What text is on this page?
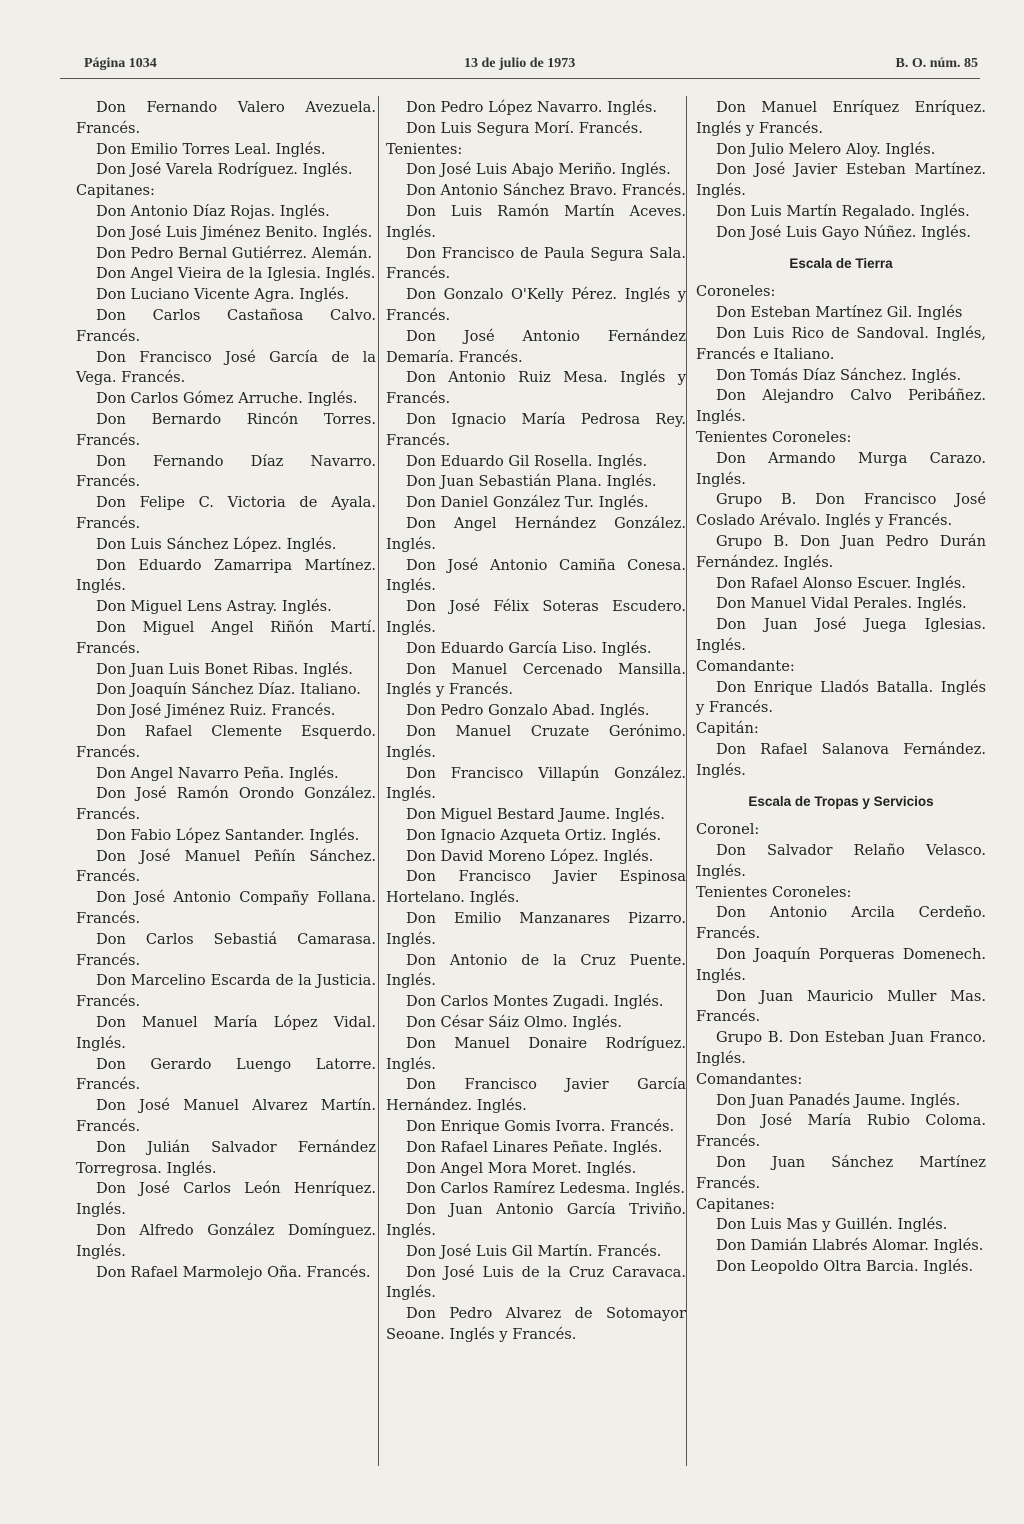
Página 1034	13 de julio de 1973	B. O. núm. 85

Don Fernando Valero Avezuela. Francés.

Don Emilio Torres Leal. Inglés.

Don José Varela Rodríguez. Inglés.

Capitanes:

Don Antonio Díaz Rojas. Inglés.

Don José Luis Jiménez Benito. Inglés.

Don Pedro Bernal Gutiérrez. Alemán.

Don Angel Vieira de la Iglesia. Inglés.

Don Luciano Vicente Agra. Inglés.

Don Carlos Castañosa Calvo. Francés.

Don Francisco José García de la Vega. Francés.

Don Carlos Gómez Arruche. Inglés.

Don Bernardo Rincón Torres. Francés.

Don Fernando Díaz Navarro. Francés.

Don Felipe C. Victoria de Ayala. Francés.

Don Luis Sánchez López. Inglés.

Don Eduardo Zamarripa Martínez. Inglés.

Don Miguel Lens Astray. Inglés.

Don Miguel Angel Riñón Martí. Francés.

Don Juan Luis Bonet Ribas. Inglés.

Don Joaquín Sánchez Díaz. Italiano.

Don José Jiménez Ruiz. Francés.

Don Rafael Clemente Esquerdo. Francés.

Don Angel Navarro Peña. Inglés.

Don José Ramón Orondo González. Francés.

Don Fabio López Santander. Inglés.

Don José Manuel Peñín Sánchez. Francés.

Don José Antonio Compañy Follana. Francés.

Don Carlos Sebastiá Camarasa. Francés.

Don Marcelino Escarda de la Justicia. Francés.

Don Manuel María López Vidal. Inglés.

Don Gerardo Luengo Latorre. Francés.

Don José Manuel Alvarez Martín. Francés.

Don Julián Salvador Fernández Torregrosa. Inglés.

Don José Carlos León Henríquez. Inglés.

Don Alfredo González Domínguez. Inglés.

Don Rafael Marmolejo Oña. Francés.

Don Pedro López Navarro. Inglés.

Don Luis Segura Morí. Francés.

Tenientes:

Don José Luis Abajo Meriño. Inglés.

Don Antonio Sánchez Bravo. Francés.

Don Luis Ramón Martín Aceves. Inglés.

Don Francisco de Paula Segura Sala. Francés.

Don Gonzalo O'Kelly Pérez. Inglés y Francés.

Don José Antonio Fernández Demaría. Francés.

Don Antonio Ruiz Mesa. Inglés y Francés.

Don Ignacio María Pedrosa Rey. Francés.

Don Eduardo Gil Rosella. Inglés.

Don Juan Sebastián Plana. Inglés.

Don Daniel González Tur. Inglés.

Don Angel Hernández González. Inglés.

Don José Antonio Camiña Conesa. Inglés.

Don José Félix Soteras Escudero. Inglés.

Don Eduardo García Liso. Inglés.

Don Manuel Cercenado Mansilla. Inglés y Francés.

Don Pedro Gonzalo Abad. Inglés.

Don Manuel Cruzate Gerónimo. Inglés.

Don Francisco Villapún González. Inglés.

Don Miguel Bestard Jaume. Inglés.

Don Ignacio Azqueta Ortiz. Inglés.

Don David Moreno López. Inglés.

Don Francisco Javier Espinosa Hortelano. Inglés.

Don Emilio Manzanares Pizarro. Inglés.

Don Antonio de la Cruz Puente. Inglés.

Don Carlos Montes Zugadi. Inglés.

Don César Sáiz Olmo. Inglés.

Don Manuel Donaire Rodríguez. Inglés.

Don Francisco Javier García Hernández. Inglés.

Don Enrique Gomis Ivorra. Francés.

Don Rafael Linares Peñate. Inglés.

Don Angel Mora Moret. Inglés.

Don Carlos Ramírez Ledesma. Inglés.

Don Juan Antonio García Triviño. Inglés.

Don José Luis Gil Martín. Francés.

Don José Luis de la Cruz Caravaca. Inglés.

Don Pedro Alvarez de Sotomayor Seoane. Inglés y Francés.

Don Manuel Enríquez Enríquez. Inglés y Francés.

Don Julio Melero Aloy. Inglés.

Don José Javier Esteban Martínez. Inglés.

Don Luis Martín Regalado. Inglés.

Don José Luis Gayo Núñez. Inglés.

Escala de Tierra

Coroneles:

Don Esteban Martínez Gil. Inglés

Don Luis Rico de Sandoval. Inglés, Francés e Italiano.

Don Tomás Díaz Sánchez. Inglés.

Don Alejandro Calvo Peribáñez. Inglés.

Tenientes Coroneles:

Don Armando Murga Carazo. Inglés.

Grupo B. Don Francisco José Coslado Arévalo. Inglés y Francés.

Grupo B. Don Juan Pedro Durán Fernández. Inglés.

Don Rafael Alonso Escuer. Inglés.

Don Manuel Vidal Perales. Inglés.

Don Juan José Juega Iglesias. Inglés.

Comandante:

Don Enrique Lladós Batalla. Inglés y Francés.

Capitán:

Don Rafael Salanova Fernández. Inglés.

Escala de Tropas y Servicios

Coronel:

Don Salvador Relaño Velasco. Inglés.

Tenientes Coroneles:

Don Antonio Arcila Cerdeño. Francés.

Don Joaquín Porqueras Domenech. Inglés.

Don Juan Mauricio Muller Mas. Francés.

Grupo B. Don Esteban Juan Franco. Inglés.

Comandantes:

Don Juan Panadés Jaume. Inglés.

Don José María Rubio Coloma. Francés.

Don Juan Sánchez Martínez Francés.

Capitanes:

Don Luis Mas y Guillén. Inglés.

Don Damián Llabrés Alomar. Inglés.

Don Leopoldo Oltra Barcia. Inglés.
